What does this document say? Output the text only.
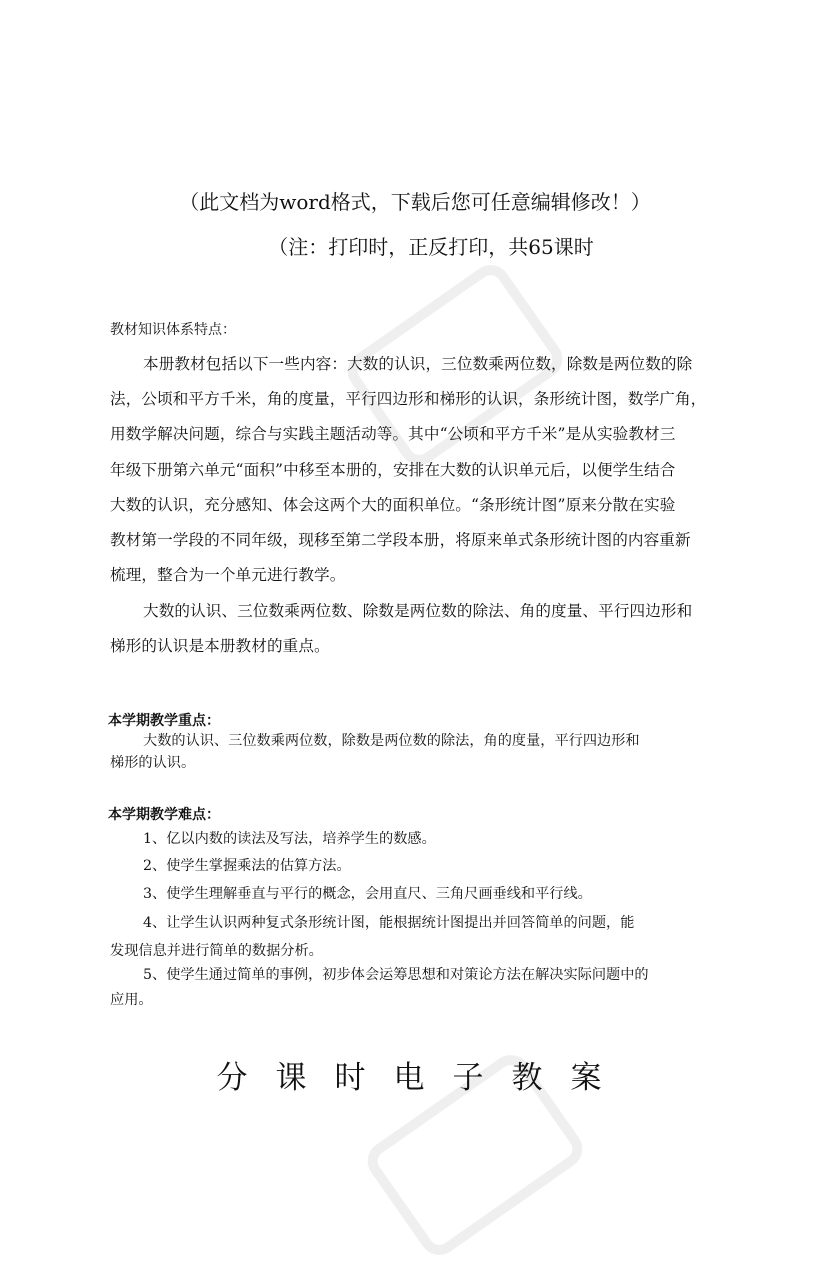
（此文档为word格式，下载后您可任意编辑修改！）
（注：打印时，正反打印，共65课时
教材知识体系特点：
本册教材包括以下一些内容：大数的认识，三位数乘两位数，除数是两位数的除
法，公顷和平方千米，角的度量，平行四边形和梯形的认识，条形统计图，数学广角，
用数学解决问题，综合与实践主题活动等。其中“公顷和平方千米”是从实验教材三
年级下册第六单元“面积”中移至本册的，安排在大数的认识单元后，以便学生结合
大数的认识，充分感知、体会这两个大的面积单位。“条形统计图”原来分散在实验
教材第一学段的不同年级，现移至第二学段本册，将原来单式条形统计图的内容重新
梳理，整合为一个单元进行教学。
大数的认识、三位数乘两位数、除数是两位数的除法、角的度量、平行四边形和
梯形的认识是本册教材的重点。
本学期教学重点：
大数的认识、三位数乘两位数，除数是两位数的除法，角的度量，平行四边形和
梯形的认识。
本学期教学难点：
1、亿以内数的读法及写法，培养学生的数感。
2、使学生掌握乘法的估算方法。
3、使学生理解垂直与平行的概念，会用直尺、三角尺画垂线和平行线。
4、让学生认识两种复式条形统计图，能根据统计图提出并回答简单的问题，能
发现信息并进行简单的数据分析。
5、使学生通过简单的事例，初步体会运筹思想和对策论方法在解决实际问题中的
应用。
分课时电子教案
